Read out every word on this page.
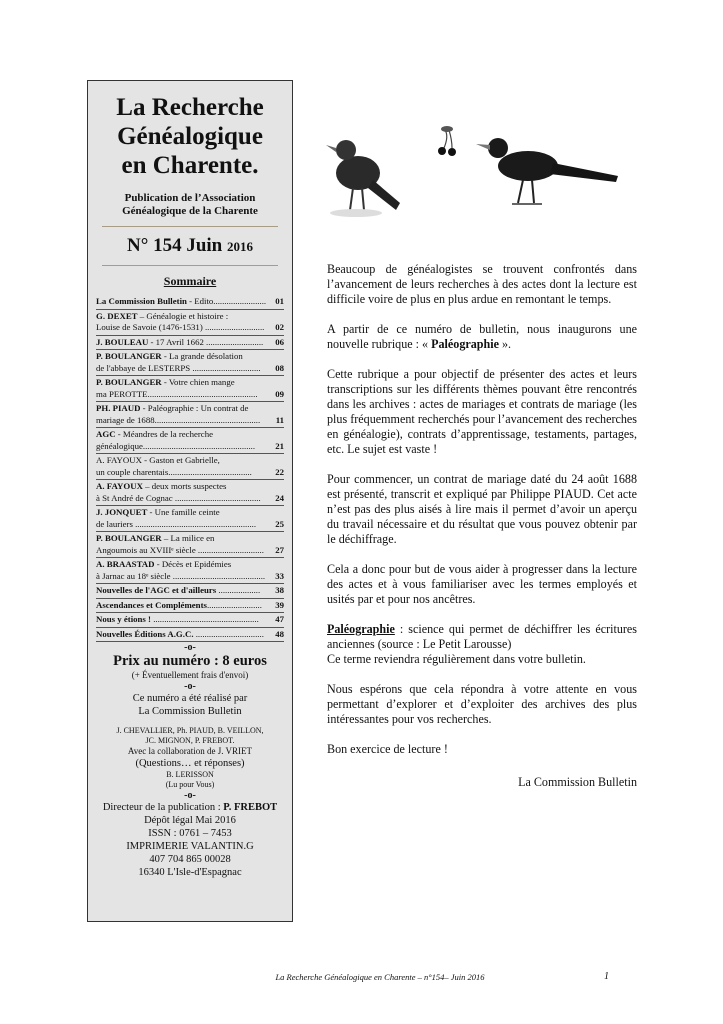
La Recherche
Généalogique
en Charente.
Publication de l’Association
Généalogique de la Charente
N° 154 Juin 2016
Sommaire
La Commission Bulletin - Edito........................	01
G. DEXET – Généalogie et histoire :
Louise de Savoie (1476-1531) ...........................	02
J. BOULEAU - 17 Avril 1662 ..........................	06
P. BOULANGER - La grande désolation
de l'abbaye de LESTERPS ...............................	08
P. BOULANGER - Votre chien mange
ma PEROTTE..................................................	09
PH. PIAUD - Paléographie : Un contrat de
mariage de 1688................................................	11
AGC - Méandres de la recherche
généalogique...................................................	21
A. FAYOUX - Gaston et Gabrielle,
un couple charentais......................................	22
A. FAYOUX – deux morts suspectes
à St André de Cognac .......................................	24
J. JONQUET - Une famille ceinte
de lauriers .......................................................	25
P. BOULANGER – La milice en
Angoumois au XVIIIᵉ siècle ..............................	27
A. BRAASTAD - Décès et Epidémies
à Jarnac au 18ᵉ siècle ..........................................	33
Nouvelles de l'AGC et d'ailleurs ...................	38
Ascendances et Compléments.........................	39
Nous y étions ! ................................................	47
Nouvelles Éditions A.G.C. ...............................	48
-o-
Prix au numéro : 8 euros
(+ Éventuellement frais d'envoi)
-o-
Ce numéro a été réalisé par
La Commission Bulletin
J. CHEVALLIER, Ph. PIAUD, B. VEILLON,
JC. MIGNON, P. FREBOT.
Avec la collaboration de J. VRIET
(Questions… et réponses)
B. LERISSON
(Lu pour Vous)
-o-
Directeur de la publication : P. FREBOT
Dépôt légal Mai 2016
ISSN : 0761 – 7453
IMPRIMERIE VALANTIN.G
407 704 865 00028
16340 L'Isle-d'Espagnac

Beaucoup de généalogistes se trouvent confrontés dans l’avancement de leurs recherches à des actes dont la lecture est difficile voire de plus en plus ardue en remontant le temps.

A partir de ce numéro de bulletin, nous inaugurons une nouvelle rubrique : « Paléographie ».

Cette rubrique a pour objectif de présenter des actes et leurs transcriptions sur les différents thèmes pouvant être rencontrés dans les archives : actes de mariages et contrats de mariage (les plus fréquemment recherchés pour l’avancement des recherches en généalogie), contrats d’apprentissage, testaments, partages, etc. Le sujet est vaste !

Pour commencer, un contrat de mariage daté du 24 août 1688 est présenté, transcrit et expliqué par Philippe PIAUD. Cet acte n’est pas des plus aisés à lire mais il permet d’avoir un aperçu du travail nécessaire et du résultat que vous pouvez obtenir par le déchiffrage.

Cela a donc pour but de vous aider à progresser dans la lecture des actes et à vous familiariser avec les termes employés et usités par et pour nos ancêtres.

Paléographie : science qui permet de déchiffrer les écritures anciennes (source : Le Petit Larousse)
Ce terme reviendra régulièrement dans votre bulletin.

Nous espérons que cela répondra à votre attente en vous permettant d’explorer et d’exploiter des archives des plus intéressantes pour vos recherches.

Bon exercice de lecture !

La Commission Bulletin
La Recherche Généalogique en Charente – n°154– Juin 2016	1
